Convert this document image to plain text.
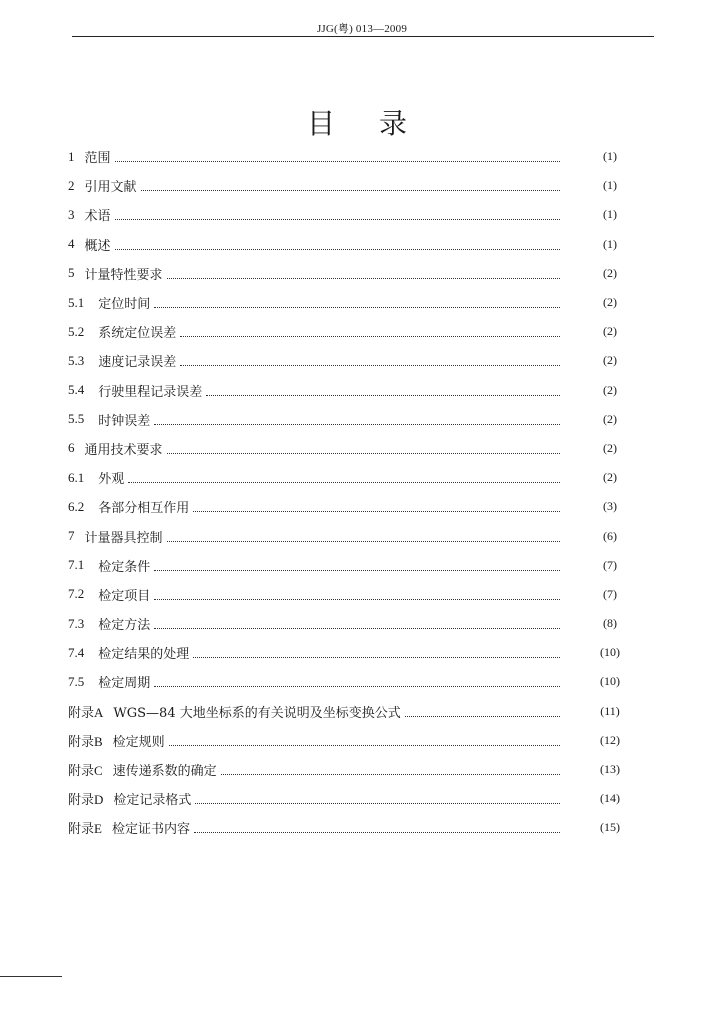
JJG(粤) 013—2009
目录
1 范围	(1)
2 引用文献	(1)
3 术语	(1)
4 概述	(1)
5 计量特性要求	(2)
5.1 定位时间	(2)
5.2 系统定位误差	(2)
5.3 速度记录误差	(2)
5.4 行驶里程记录误差	(2)
5.5 时钟误差	(2)
6 通用技术要求	(2)
6.1 外观	(2)
6.2 各部分相互作用	(3)
7 计量器具控制	(6)
7.1 检定条件	(7)
7.2 检定项目	(7)
7.3 检定方法	(8)
7.4 检定结果的处理	(10)
7.5 检定周期	(10)
附录A WGS—84 大地坐标系的有关说明及坐标变换公式	(11)
附录B 检定规则	(12)
附录C 速传递系数的确定	(13)
附录D 检定记录格式	(14)
附录E 检定证书内容	(15)
